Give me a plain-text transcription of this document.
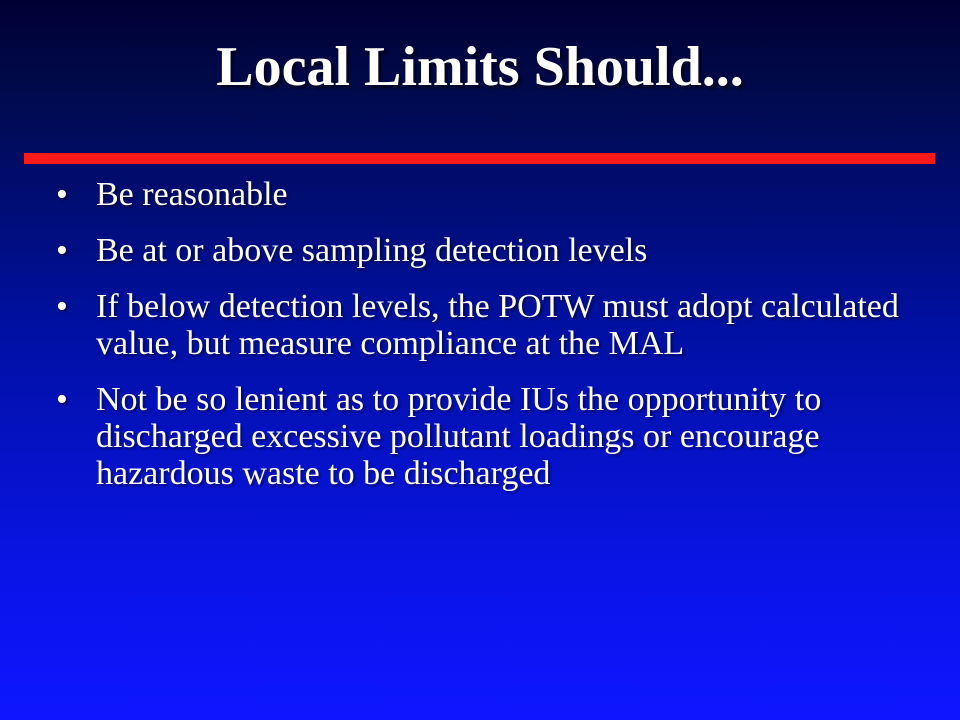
Local Limits Should...
• Be reasonable
• Be at or above sampling detection levels
• If below detection levels, the POTW must adopt calculated value, but measure compliance at the MAL
• Not be so lenient as to provide IUs the opportunity to discharged excessive pollutant loadings or encourage hazardous waste to be discharged
